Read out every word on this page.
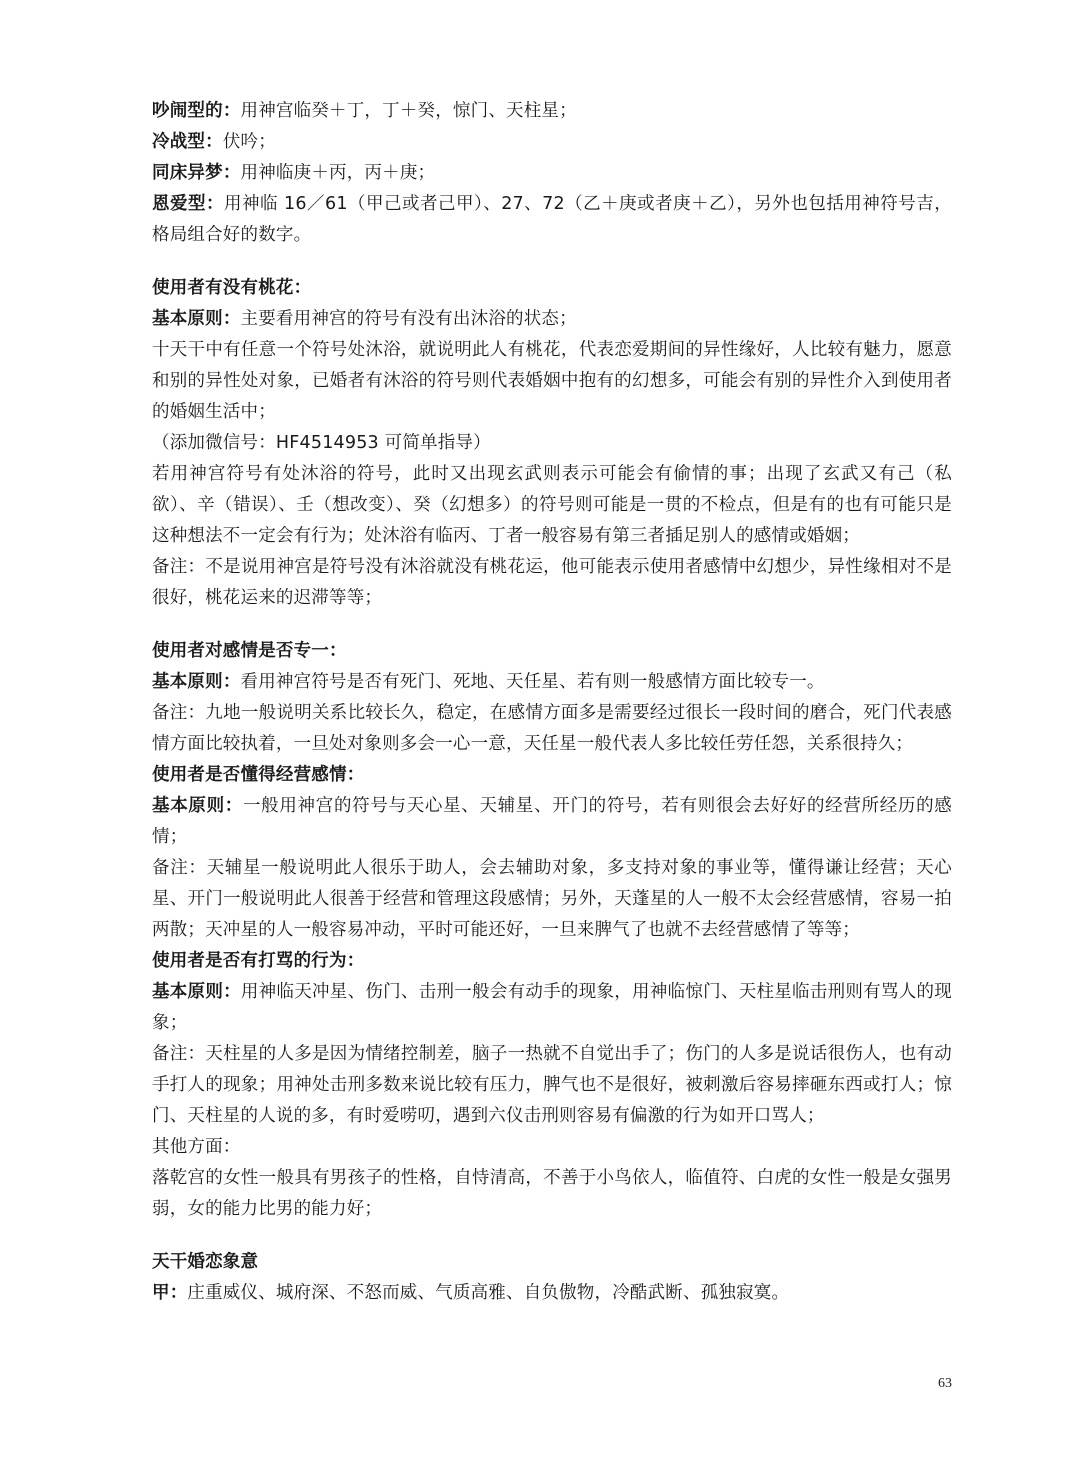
吵闹型的：用神宫临癸＋丁，丁＋癸，惊门、天柱星；
冷战型：伏吟；
同床异梦：用神临庚＋丙，丙＋庚；
恩爱型：用神临 16／61（甲己或者己甲）、27、72（乙＋庚或者庚＋乙），另外也包括用神符号吉，格局组合好的数字。
使用者有没有桃花：
基本原则：主要看用神宫的符号有没有出沐浴的状态；
十天干中有任意一个符号处沐浴，就说明此人有桃花，代表恋爱期间的异性缘好，人比较有魅力，愿意和别的异性处对象，已婚者有沐浴的符号则代表婚姻中抱有的幻想多，可能会有别的异性介入到使用者的婚姻生活中；
（添加微信号：HF4514953 可简单指导）
若用神宫符号有处沐浴的符号，此时又出现玄武则表示可能会有偷情的事；出现了玄武又有己（私欲）、辛（错误）、壬（想改变）、癸（幻想多）的符号则可能是一贯的不检点，但是有的也有可能只是这种想法不一定会有行为；处沐浴有临丙、丁者一般容易有第三者插足别人的感情或婚姻；
备注：不是说用神宫是符号没有沐浴就没有桃花运，他可能表示使用者感情中幻想少，异性缘相对不是很好，桃花运来的迟滞等等；
使用者对感情是否专一：
基本原则：看用神宫符号是否有死门、死地、天任星、若有则一般感情方面比较专一。
备注：九地一般说明关系比较长久，稳定，在感情方面多是需要经过很长一段时间的磨合，死门代表感情方面比较执着，一旦处对象则多会一心一意，天任星一般代表人多比较任劳任怨，关系很持久；
使用者是否懂得经营感情：
基本原则：一般用神宫的符号与天心星、天辅星、开门的符号，若有则很会去好好的经营所经历的感情；
备注：天辅星一般说明此人很乐于助人，会去辅助对象，多支持对象的事业等，懂得谦让经营；天心星、开门一般说明此人很善于经营和管理这段感情；另外，天蓬星的人一般不太会经营感情，容易一拍两散；天冲星的人一般容易冲动，平时可能还好，一旦来脾气了也就不去经营感情了等等；
使用者是否有打骂的行为：
基本原则：用神临天冲星、伤门、击刑一般会有动手的现象，用神临惊门、天柱星临击刑则有骂人的现象；
备注：天柱星的人多是因为情绪控制差，脑子一热就不自觉出手了；伤门的人多是说话很伤人，也有动手打人的现象；用神处击刑多数来说比较有压力，脾气也不是很好，被刺激后容易摔砸东西或打人；惊门、天柱星的人说的多，有时爱唠叨，遇到六仪击刑则容易有偏激的行为如开口骂人；
其他方面：
落乾宫的女性一般具有男孩子的性格，自恃清高，不善于小鸟依人，临值符、白虎的女性一般是女强男弱，女的能力比男的能力好；
天干婚恋象意
甲：庄重威仪、城府深、不怒而威、气质高雅、自负傲物，冷酷武断、孤独寂寞。
63
